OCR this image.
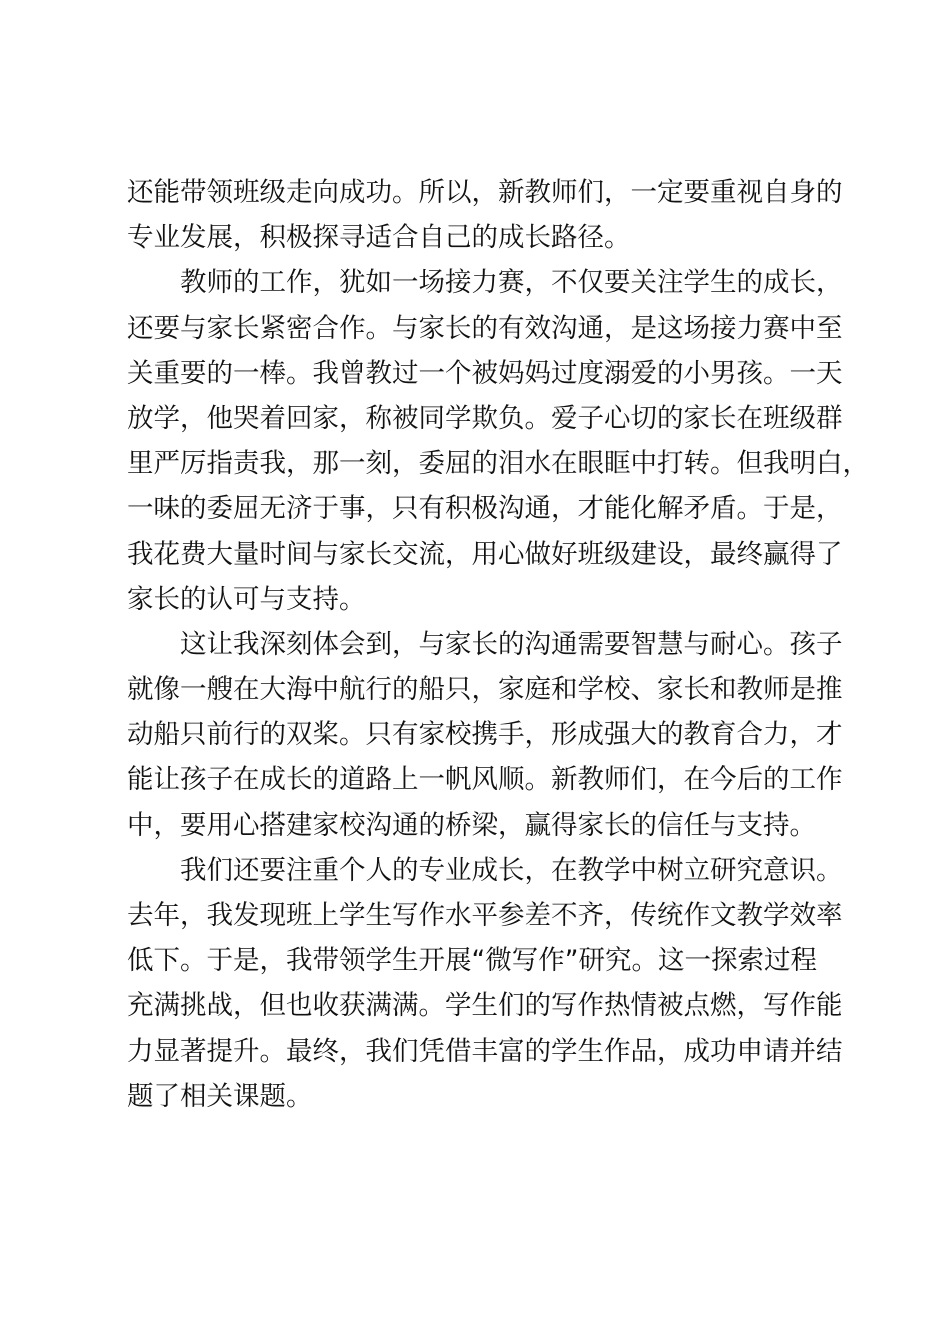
还能带领班级走向成功。所以，新教师们，一定要重视自身的
专业发展，积极探寻适合自己的成长路径。
教师的工作，犹如一场接力赛，不仅要关注学生的成长，
还要与家长紧密合作。与家长的有效沟通，是这场接力赛中至
关重要的一棒。我曾教过一个被妈妈过度溺爱的小男孩。一天
放学，他哭着回家，称被同学欺负。爱子心切的家长在班级群
里严厉指责我，那一刻，委屈的泪水在眼眶中打转。但我明白，
一味的委屈无济于事，只有积极沟通，才能化解矛盾。于是，
我花费大量时间与家长交流，用心做好班级建设，最终赢得了
家长的认可与支持。
这让我深刻体会到，与家长的沟通需要智慧与耐心。孩子
就像一艘在大海中航行的船只，家庭和学校、家长和教师是推
动船只前行的双桨。只有家校携手，形成强大的教育合力，才
能让孩子在成长的道路上一帆风顺。新教师们，在今后的工作
中，要用心搭建家校沟通的桥梁，赢得家长的信任与支持。
我们还要注重个人的专业成长，在教学中树立研究意识。
去年，我发现班上学生写作水平参差不齐，传统作文教学效率
低下。于是，我带领学生开展“微写作”研究。这一探索过程
充满挑战，但也收获满满。学生们的写作热情被点燃，写作能
力显著提升。最终，我们凭借丰富的学生作品，成功申请并结
题了相关课题。
